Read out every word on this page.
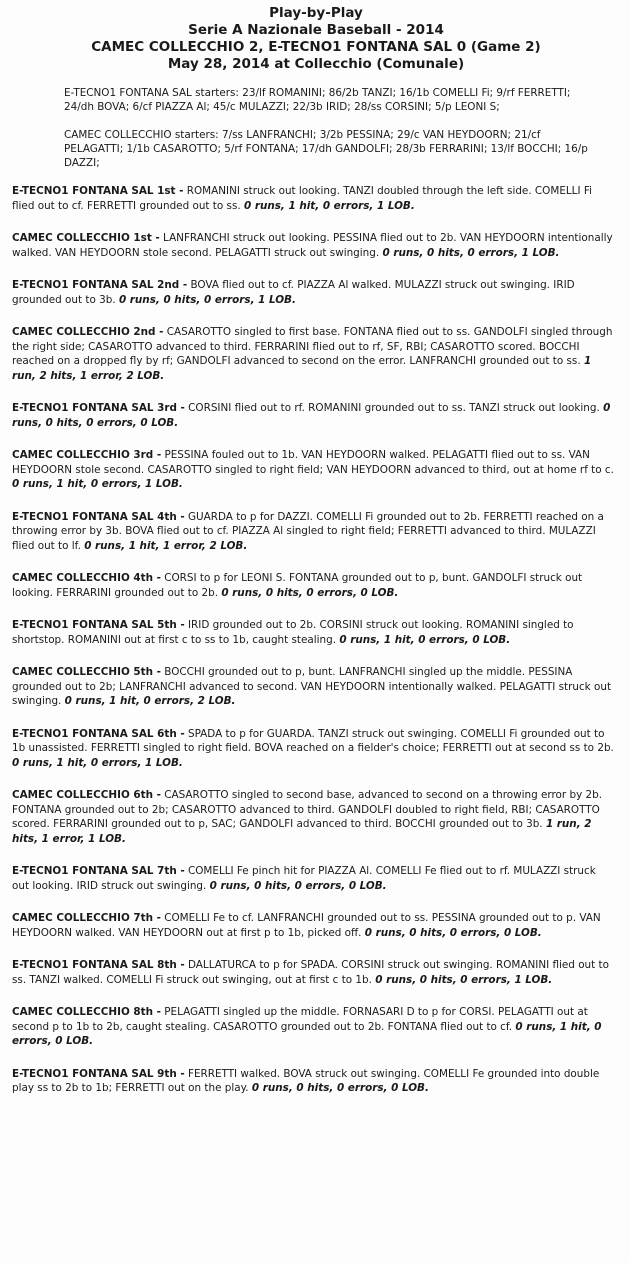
Play-by-Play
Serie A Nazionale Baseball - 2014
CAMEC COLLECCHIO 2, E-TECNO1 FONTANA SAL 0 (Game 2)
May 28, 2014 at Collecchio (Comunale)

E-TECNO1 FONTANA SAL starters: 23/lf ROMANINI; 86/2b TANZI; 16/1b COMELLI Fi; 9/rf FERRETTI; 24/dh BOVA; 6/cf PIAZZA Al; 45/c MULAZZI; 22/3b IRID; 28/ss CORSINI; 5/p LEONI S;

CAMEC COLLECCHIO starters: 7/ss LANFRANCHI; 3/2b PESSINA; 29/c VAN HEYDOORN; 21/cf PELAGATTI; 1/1b CASAROTTO; 5/rf FONTANA; 17/dh GANDOLFI; 28/3b FERRARINI; 13/lf BOCCHI; 16/p DAZZI;

E-TECNO1 FONTANA SAL 1st - ROMANINI struck out looking. TANZI doubled through the left side. COMELLI Fi flied out to cf. FERRETTI grounded out to ss. 0 runs, 1 hit, 0 errors, 1 LOB.

CAMEC COLLECCHIO 1st - LANFRANCHI struck out looking. PESSINA flied out to 2b. VAN HEYDOORN intentionally walked. VAN HEYDOORN stole second. PELAGATTI struck out swinging. 0 runs, 0 hits, 0 errors, 1 LOB.

E-TECNO1 FONTANA SAL 2nd - BOVA flied out to cf. PIAZZA Al walked. MULAZZI struck out swinging. IRID grounded out to 3b. 0 runs, 0 hits, 0 errors, 1 LOB.

CAMEC COLLECCHIO 2nd - CASAROTTO singled to first base. FONTANA flied out to ss. GANDOLFI singled through the right side; CASAROTTO advanced to third. FERRARINI flied out to rf, SF, RBI; CASAROTTO scored. BOCCHI reached on a dropped fly by rf; GANDOLFI advanced to second on the error. LANFRANCHI grounded out to ss. 1 run, 2 hits, 1 error, 2 LOB.

E-TECNO1 FONTANA SAL 3rd - CORSINI flied out to rf. ROMANINI grounded out to ss. TANZI struck out looking. 0 runs, 0 hits, 0 errors, 0 LOB.

CAMEC COLLECCHIO 3rd - PESSINA fouled out to 1b. VAN HEYDOORN walked. PELAGATTI flied out to ss. VAN HEYDOORN stole second. CASAROTTO singled to right field; VAN HEYDOORN advanced to third, out at home rf to c. 0 runs, 1 hit, 0 errors, 1 LOB.

E-TECNO1 FONTANA SAL 4th - GUARDA to p for DAZZI. COMELLI Fi grounded out to 2b. FERRETTI reached on a throwing error by 3b. BOVA flied out to cf. PIAZZA Al singled to right field; FERRETTI advanced to third. MULAZZI flied out to lf. 0 runs, 1 hit, 1 error, 2 LOB.

CAMEC COLLECCHIO 4th - CORSI to p for LEONI S. FONTANA grounded out to p, bunt. GANDOLFI struck out looking. FERRARINI grounded out to 2b. 0 runs, 0 hits, 0 errors, 0 LOB.

E-TECNO1 FONTANA SAL 5th - IRID grounded out to 2b. CORSINI struck out looking. ROMANINI singled to shortstop. ROMANINI out at first c to ss to 1b, caught stealing. 0 runs, 1 hit, 0 errors, 0 LOB.

CAMEC COLLECCHIO 5th - BOCCHI grounded out to p, bunt. LANFRANCHI singled up the middle. PESSINA grounded out to 2b; LANFRANCHI advanced to second. VAN HEYDOORN intentionally walked. PELAGATTI struck out swinging. 0 runs, 1 hit, 0 errors, 2 LOB.

E-TECNO1 FONTANA SAL 6th - SPADA to p for GUARDA. TANZI struck out swinging. COMELLI Fi grounded out to 1b unassisted. FERRETTI singled to right field. BOVA reached on a fielder's choice; FERRETTI out at second ss to 2b. 0 runs, 1 hit, 0 errors, 1 LOB.

CAMEC COLLECCHIO 6th - CASAROTTO singled to second base, advanced to second on a throwing error by 2b. FONTANA grounded out to 2b; CASAROTTO advanced to third. GANDOLFI doubled to right field, RBI; CASAROTTO scored. FERRARINI grounded out to p, SAC; GANDOLFI advanced to third. BOCCHI grounded out to 3b. 1 run, 2 hits, 1 error, 1 LOB.

E-TECNO1 FONTANA SAL 7th - COMELLI Fe pinch hit for PIAZZA Al. COMELLI Fe flied out to rf. MULAZZI struck out looking. IRID struck out swinging. 0 runs, 0 hits, 0 errors, 0 LOB.

CAMEC COLLECCHIO 7th - COMELLI Fe to cf. LANFRANCHI grounded out to ss. PESSINA grounded out to p. VAN HEYDOORN walked. VAN HEYDOORN out at first p to 1b, picked off. 0 runs, 0 hits, 0 errors, 0 LOB.

E-TECNO1 FONTANA SAL 8th - DALLATURCA to p for SPADA. CORSINI struck out swinging. ROMANINI flied out to ss. TANZI walked. COMELLI Fi struck out swinging, out at first c to 1b. 0 runs, 0 hits, 0 errors, 1 LOB.

CAMEC COLLECCHIO 8th - PELAGATTI singled up the middle. FORNASARI D to p for CORSI. PELAGATTI out at second p to 1b to 2b, caught stealing. CASAROTTO grounded out to 2b. FONTANA flied out to cf. 0 runs, 1 hit, 0 errors, 0 LOB.

E-TECNO1 FONTANA SAL 9th - FERRETTI walked. BOVA struck out swinging. COMELLI Fe grounded into double play ss to 2b to 1b; FERRETTI out on the play. 0 runs, 0 hits, 0 errors, 0 LOB.
